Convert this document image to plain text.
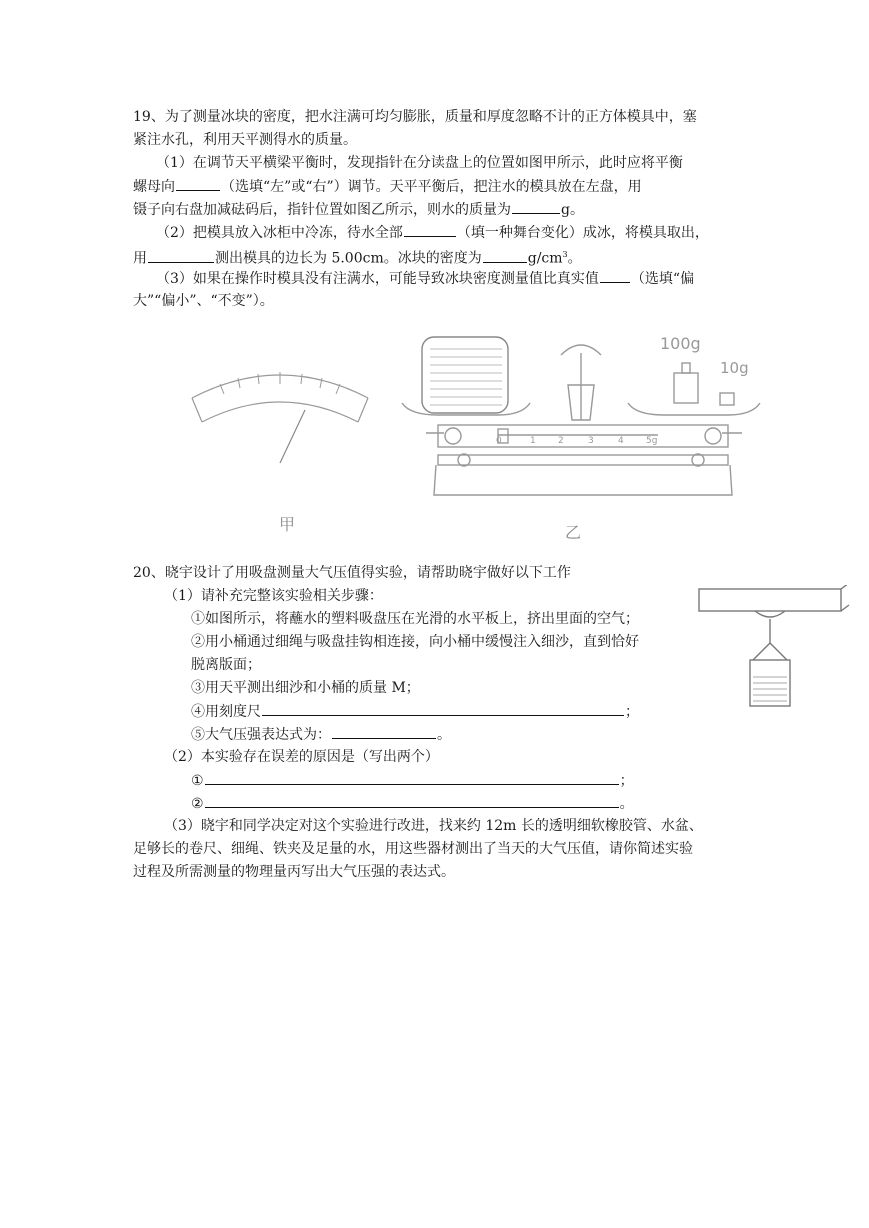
19、为了测量冰块的密度，把水注满可均匀膨胀，质量和厚度忽略不计的正方体模具中，塞
紧注水孔，利用天平测得水的质量。
（1）在调节天平横梁平衡时，发现指针在分读盘上的位置如图甲所示，此时应将平衡
螺母向	（选填“左”或“右”）调节。天平平衡后，把注水的模具放在左盘，用
镊子向右盘加减砝码后，指针位置如图乙所示，则水的质量为	g。
（2）把模具放入冰柜中冷冻，待水全部	（填一种舞台变化）成冰，将模具取出，
用	测出模具的边长为 5.00cm。冰块的密度为	$g/cm^3$。
（3）如果在操作时模具没有注满水，可能导致冰块密度测量值比真实值 （选填“偏
大”“偏小”、“不变”）。
甲
0	1 2	3	4 5g
100g
10g
乙
20、晓宇设计了用吸盘测量大气压值得实验，请帮助晓宇做好以下工作
（1）请补充完整该实验相关步骤：
①如图所示，将蘸水的塑料吸盘压在光滑的水平板上，挤出里面的空气；
②用小桶通过细绳与吸盘挂钩相连接，向小桶中缓慢注入细沙，直到恰好
脱离版面；
③用天平测出细沙和小桶的质量 M；
④用刻度尺	；
⑤大气压强表达式为：	。
（2）本实验存在误差的原因是（写出两个）
①	；
②	。
（3）晓宇和同学决定对这个实验进行改进，找来约 12m 长的透明细软橡胶管、水盆、
足够长的卷尺、细绳、铁夹及足量的水，用这些器材测出了当天的大气压值，请你简述实验
过程及所需测量的物理量丙写出大气压强的表达式。
